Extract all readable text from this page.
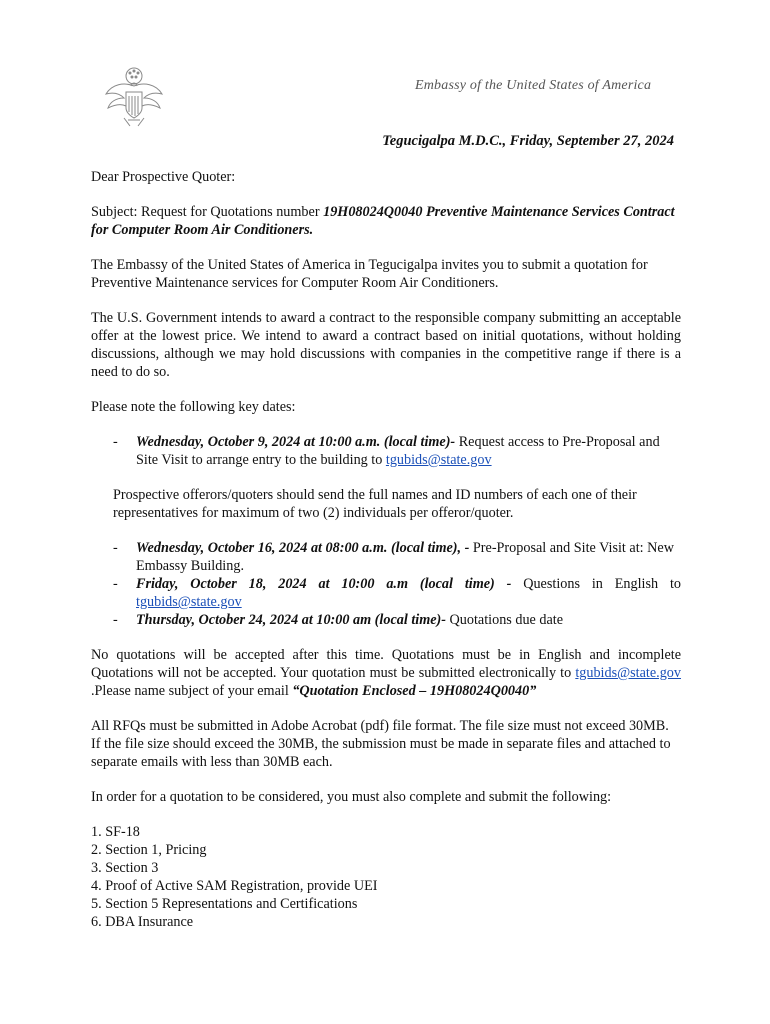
Embassy of the United States of America
Tegucigalpa M.D.C., Friday, September 27, 2024

Dear Prospective Quoter:

Subject: Request for Quotations number 19H08024Q0040 Preventive Maintenance Services Contract for Computer Room Air Conditioners.

The Embassy of the United States of America in Tegucigalpa invites you to submit a quotation for Preventive Maintenance services for Computer Room Air Conditioners.

The U.S. Government intends to award a contract to the responsible company submitting an acceptable offer at the lowest price. We intend to award a contract based on initial quotations, without holding discussions, although we may hold discussions with companies in the competitive range if there is a need to do so.

Please note the following key dates:

- Wednesday, October 9, 2024 at 10:00 a.m. (local time)- Request access to Pre-Proposal and Site Visit to arrange entry to the building to tgubids@state.gov

Prospective offerors/quoters should send the full names and ID numbers of each one of their representatives for maximum of two (2) individuals per offeror/quoter.

- Wednesday, October 16, 2024 at 08:00 a.m. (local time), - Pre-Proposal and Site Visit at: New Embassy Building.
- Friday, October 18, 2024 at 10:00 a.m (local time) - Questions in English to tgubids@state.gov
- Thursday, October 24, 2024 at 10:00 am (local time)- Quotations due date

No quotations will be accepted after this time. Quotations must be in English and incomplete Quotations will not be accepted. Your quotation must be submitted electronically to tgubids@state.gov .Please name subject of your email “Quotation Enclosed – 19H08024Q0040”

All RFQs must be submitted in Adobe Acrobat (pdf) file format. The file size must not exceed 30MB. If the file size should exceed the 30MB, the submission must be made in separate files and attached to separate emails with less than 30MB each.

In order for a quotation to be considered, you must also complete and submit the following:

1. SF-18
2. Section 1, Pricing
3. Section 3
4. Proof of Active SAM Registration, provide UEI
5. Section 5 Representations and Certifications
6. DBA Insurance
